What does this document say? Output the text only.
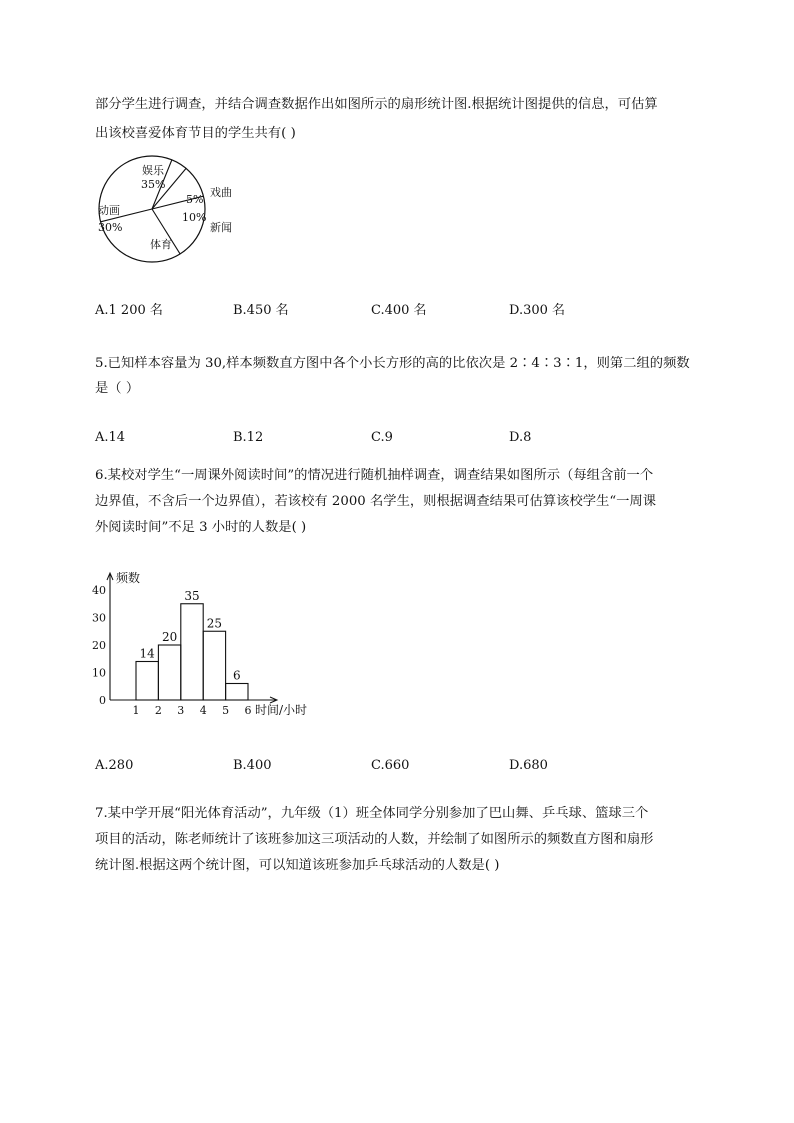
部分学生进行调查，并结合调查数据作出如图所示的扇形统计图.根据统计图提供的信息，可估算
出该校喜爱体育节目的学生共有( )
娱乐
35%
戏曲
5%
新闻
10%
体育
动画
30%
A.1 200 名	B.450 名	C.400 名	D.300 名
5.已知样本容量为 30,样本频数直方图中各个小长方形的高的比依次是 2∶4∶3∶1，则第二组的频数
是（ ）
A.14	B.12	C.9	D.8
6.某校对学生“一周课外阅读时间”的情况进行随机抽样调查，调查结果如图所示（每组含前一个
边界值，不含后一个边界值），若该校有 2000 名学生，则根据调查结果可估算该校学生“一周课
外阅读时间”不足 3 小时的人数是( )
频数
0
10
20
30
40
1 2 3 4 5 6 时间/小时
14
20
35
25
6
A.280	B.400	C.660	D.680
7.某中学开展“阳光体育活动”，九年级（1）班全体同学分别参加了巴山舞、乒乓球、篮球三个
项目的活动，陈老师统计了该班参加这三项活动的人数，并绘制了如图所示的频数直方图和扇形
统计图.根据这两个统计图，可以知道该班参加乒乓球活动的人数是( )
